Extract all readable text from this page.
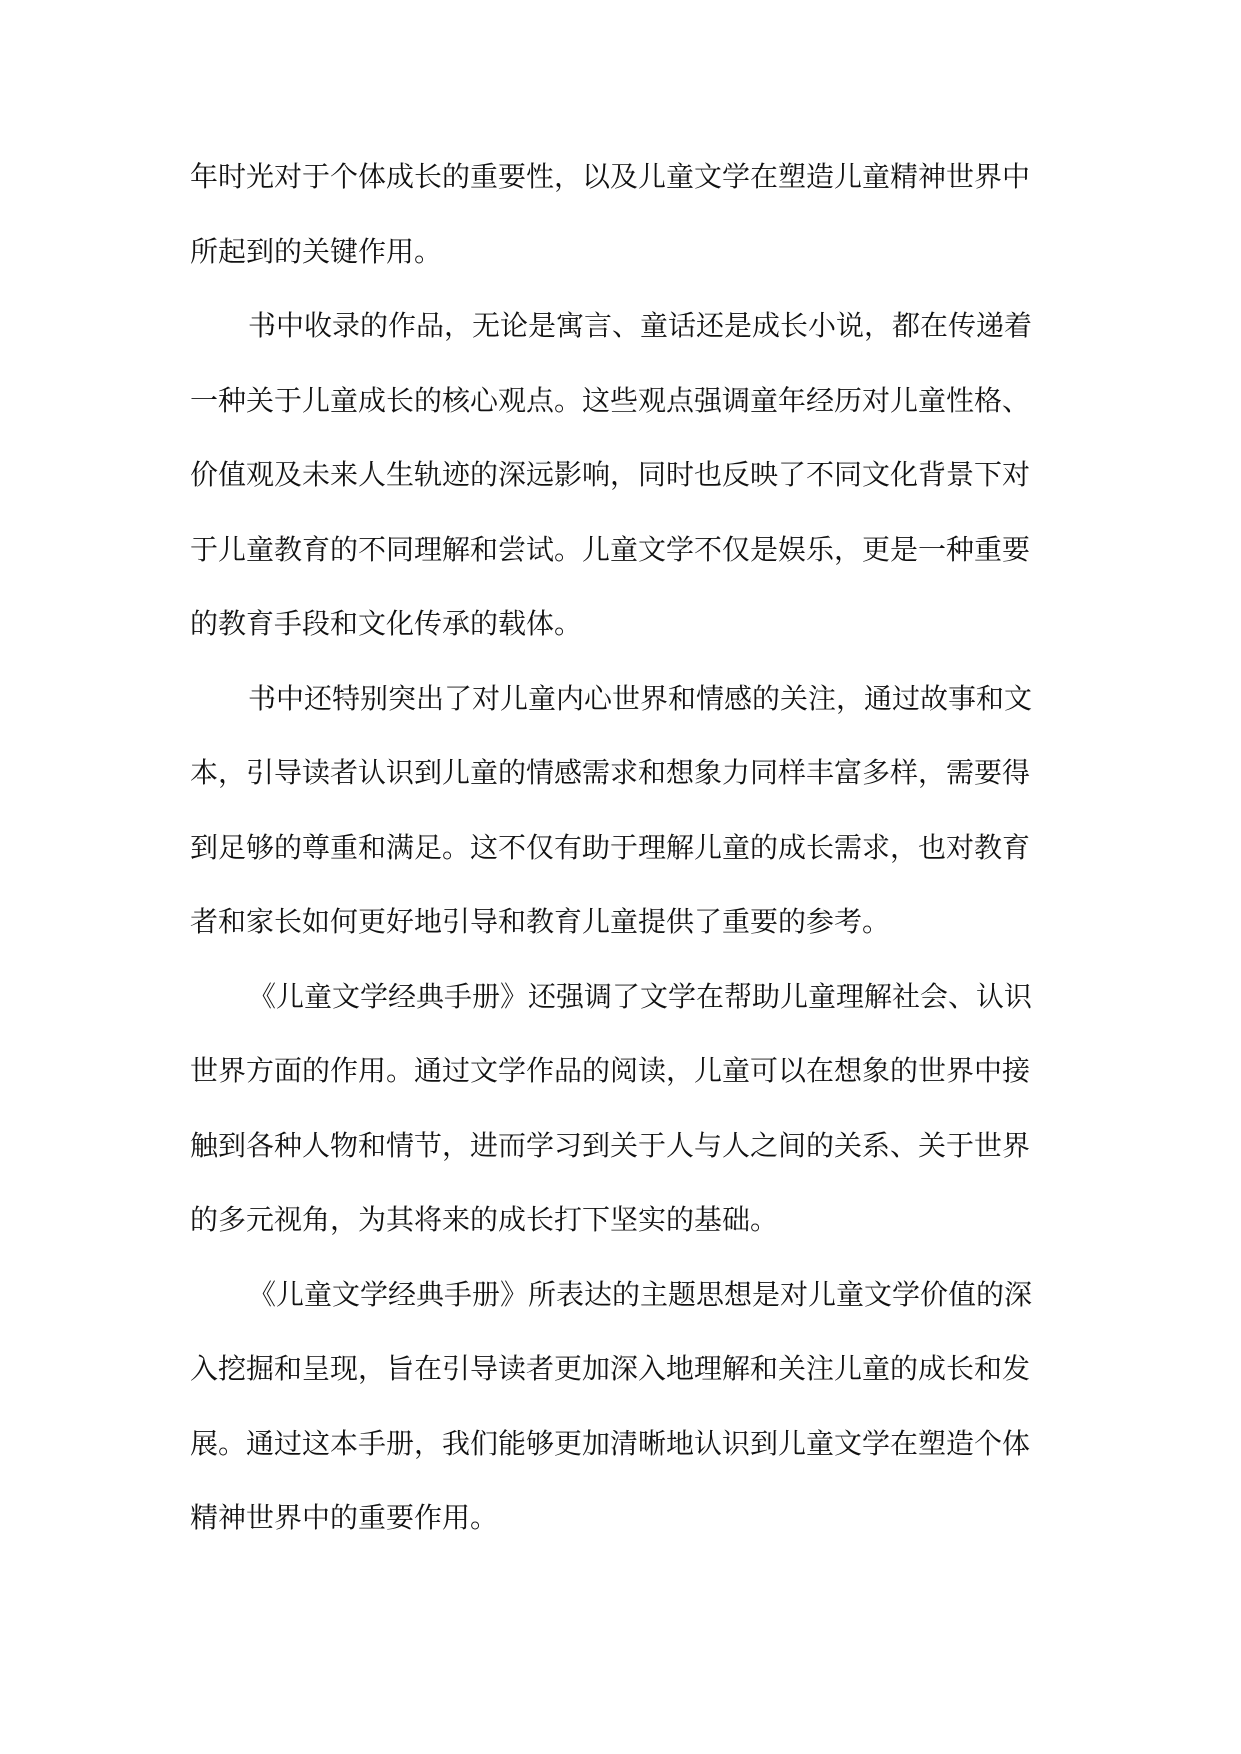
年时光对于个体成长的重要性，以及儿童文学在塑造儿童精神世界中
所起到的关键作用。
书中收录的作品，无论是寓言、童话还是成长小说，都在传递着
一种关于儿童成长的核心观点。这些观点强调童年经历对儿童性格、
价值观及未来人生轨迹的深远影响，同时也反映了不同文化背景下对
于儿童教育的不同理解和尝试。儿童文学不仅是娱乐，更是一种重要
的教育手段和文化传承的载体。
书中还特别突出了对儿童内心世界和情感的关注，通过故事和文
本，引导读者认识到儿童的情感需求和想象力同样丰富多样，需要得
到足够的尊重和满足。这不仅有助于理解儿童的成长需求，也对教育
者和家长如何更好地引导和教育儿童提供了重要的参考。
《儿童文学经典手册》还强调了文学在帮助儿童理解社会、认识
世界方面的作用。通过文学作品的阅读，儿童可以在想象的世界中接
触到各种人物和情节，进而学习到关于人与人之间的关系、关于世界
的多元视角，为其将来的成长打下坚实的基础。
《儿童文学经典手册》所表达的主题思想是对儿童文学价值的深
入挖掘和呈现，旨在引导读者更加深入地理解和关注儿童的成长和发
展。通过这本手册，我们能够更加清晰地认识到儿童文学在塑造个体
精神世界中的重要作用。
